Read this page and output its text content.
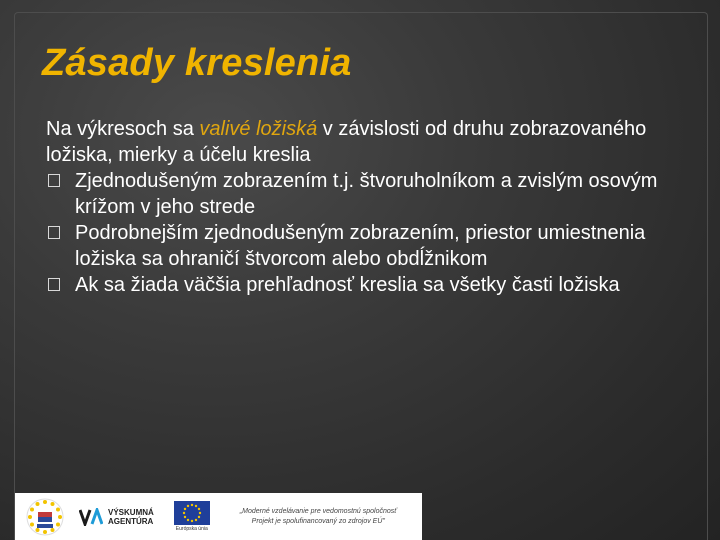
Zásady kreslenia

Na výkresoch sa valivé ložiská v závislosti od druhu zobrazovaného ložiska, mierky a účelu kreslia

Zjednodušeným zobrazením t.j. štvoruholníkom a zvislým osovým krížom v jeho strede
Podrobnejším zjednodušeným zobrazením, priestor umiestnenia ložiska sa ohraničí štvorcom alebo obdĺžnikom
Ak sa žiada väčšia prehľadnosť kreslia sa všetky časti ložiska
VÝSKUMNÁ
AGENTÚRA
Európska únia
„Moderné vzdelávanie pre vedomostnú spoločnosť
Projekt je spolufinancovaný zo zdrojov EÚ"
